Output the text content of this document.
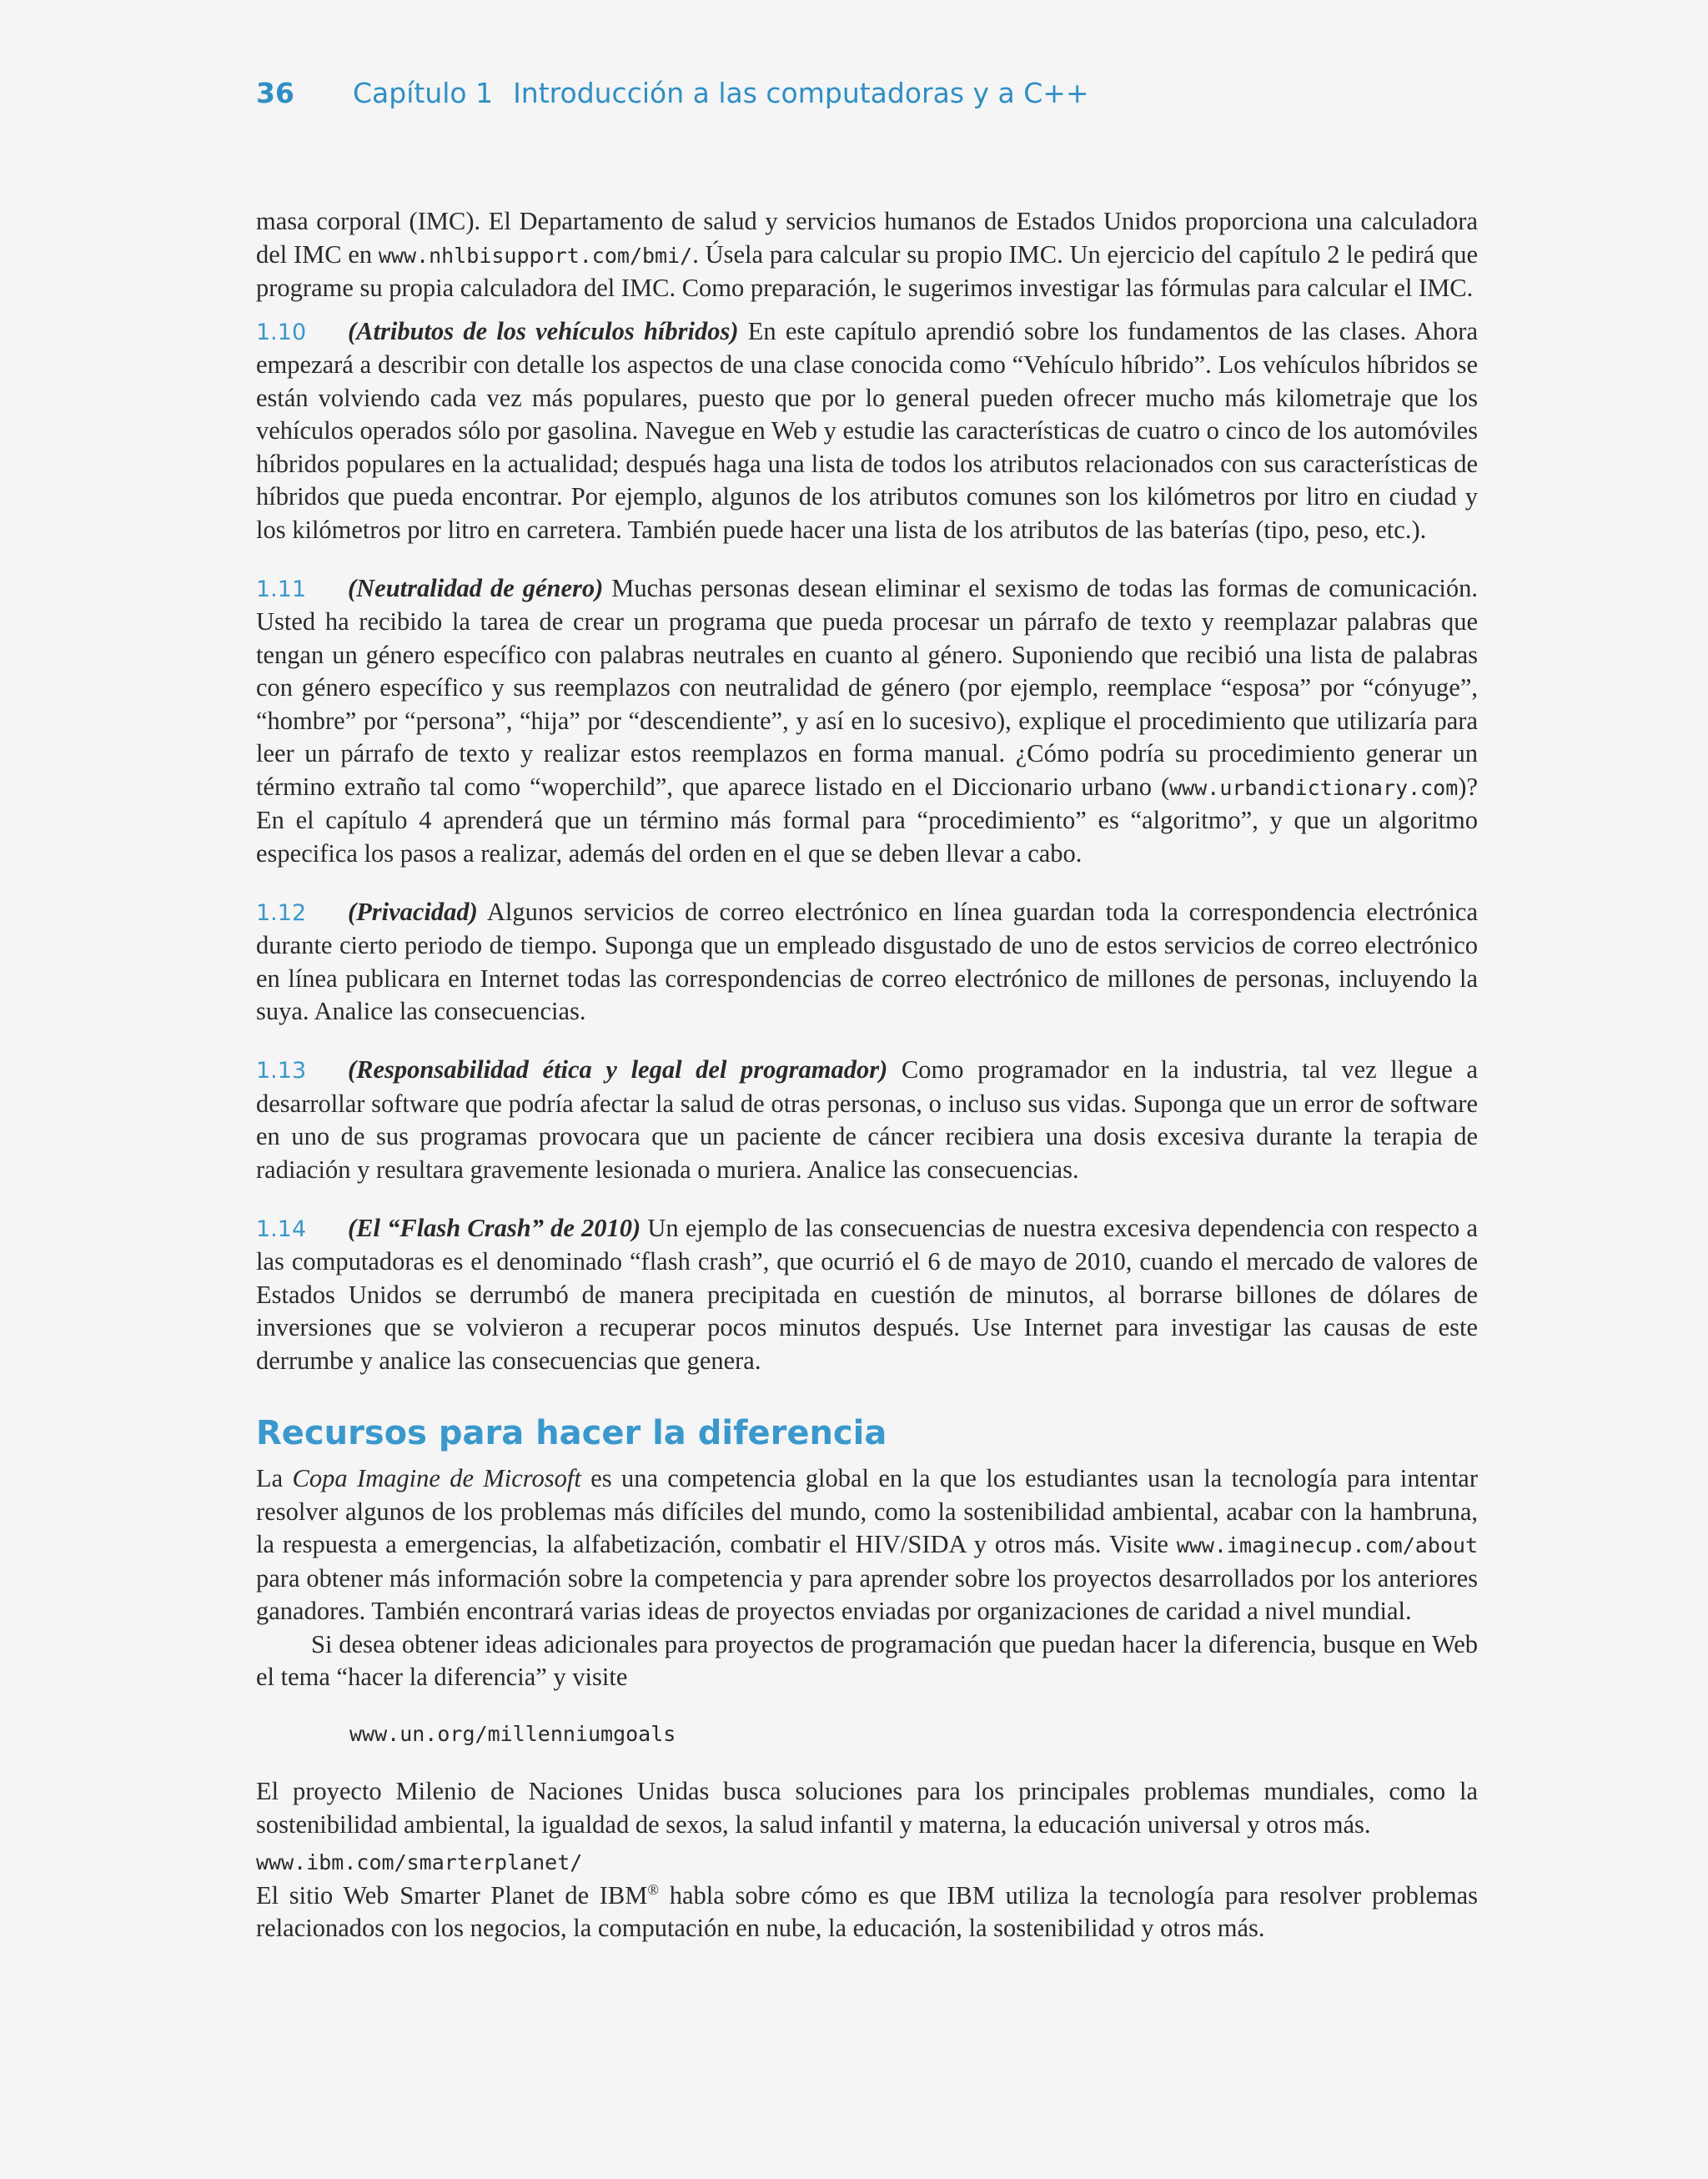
36	Capítulo 1 Introducción a las computadoras y a C++

masa corporal (IMC). El Departamento de salud y servicios humanos de Estados Unidos proporciona una calculadora del IMC en www.nhlbisupport.com/bmi/. Úsela para calcular su propio IMC. Un ejercicio del capítulo 2 le pedirá que programe su propia calculadora del IMC. Como preparación, le sugerimos investigar las fórmulas para calcular el IMC.

1.10 (Atributos de los vehículos híbridos) En este capítulo aprendió sobre los fundamentos de las clases. Ahora empezará a describir con detalle los aspectos de una clase conocida como “Vehículo híbrido”. Los vehículos híbridos se están volviendo cada vez más populares, puesto que por lo general pueden ofrecer mucho más kilometraje que los vehículos operados sólo por gasolina. Navegue en Web y estudie las características de cuatro o cinco de los automóviles híbridos populares en la actualidad; después haga una lista de todos los atributos relacionados con sus características de híbridos que pueda encontrar. Por ejemplo, algunos de los atributos comunes son los kilómetros por litro en ciudad y los kilómetros por litro en carretera. También puede hacer una lista de los atributos de las baterías (tipo, peso, etc.).

1.11 (Neutralidad de género) Muchas personas desean eliminar el sexismo de todas las formas de comunicación. Usted ha recibido la tarea de crear un programa que pueda procesar un párrafo de texto y reemplazar palabras que tengan un género específico con palabras neutrales en cuanto al género. Suponiendo que recibió una lista de palabras con género específico y sus reemplazos con neutralidad de género (por ejemplo, reemplace “esposa” por “cónyuge”, “hombre” por “persona”, “hija” por “descendiente”, y así en lo sucesivo), explique el procedimiento que utilizaría para leer un párrafo de texto y realizar estos reemplazos en forma manual. ¿Cómo podría su procedimiento generar un término extraño tal como “woperchild”, que aparece listado en el Diccionario urbano (www.urbandictionary.com)? En el capítulo 4 aprenderá que un término más formal para “procedimiento” es “algoritmo”, y que un algoritmo especifica los pasos a realizar, además del orden en el que se deben llevar a cabo.

1.12 (Privacidad) Algunos servicios de correo electrónico en línea guardan toda la correspondencia electrónica durante cierto periodo de tiempo. Suponga que un empleado disgustado de uno de estos servicios de correo electrónico en línea publicara en Internet todas las correspondencias de correo electrónico de millones de personas, incluyendo la suya. Analice las consecuencias.

1.13 (Responsabilidad ética y legal del programador) Como programador en la industria, tal vez llegue a desarrollar software que podría afectar la salud de otras personas, o incluso sus vidas. Suponga que un error de software en uno de sus programas provocara que un paciente de cáncer recibiera una dosis excesiva durante la terapia de radiación y resultara gravemente lesionada o muriera. Analice las consecuencias.

1.14 (El “Flash Crash” de 2010) Un ejemplo de las consecuencias de nuestra excesiva dependencia con respecto a las computadoras es el denominado “flash crash”, que ocurrió el 6 de mayo de 2010, cuando el mercado de valores de Estados Unidos se derrumbó de manera precipitada en cuestión de minutos, al borrarse billones de dólares de inversiones que se volvieron a recuperar pocos minutos después. Use Internet para investigar las causas de este derrumbe y analice las consecuencias que genera.

Recursos para hacer la diferencia

La Copa Imagine de Microsoft es una competencia global en la que los estudiantes usan la tecnología para intentar resolver algunos de los problemas más difíciles del mundo, como la sostenibilidad ambiental, acabar con la hambruna, la respuesta a emergencias, la alfabetización, combatir el HIV/SIDA y otros más. Visite www.imaginecup.com/about para obtener más información sobre la competencia y para aprender sobre los proyectos desarrollados por los anteriores ganadores. También encontrará varias ideas de proyectos enviadas por organizaciones de caridad a nivel mundial.

Si desea obtener ideas adicionales para proyectos de programación que puedan hacer la diferencia, busque en Web el tema “hacer la diferencia” y visite

www.un.org/millenniumgoals

El proyecto Milenio de Naciones Unidas busca soluciones para los principales problemas mundiales, como la sostenibilidad ambiental, la igualdad de sexos, la salud infantil y materna, la educación universal y otros más.

www.ibm.com/smarterplanet/

El sitio Web Smarter Planet de IBM® habla sobre cómo es que IBM utiliza la tecnología para resolver problemas relacionados con los negocios, la computación en nube, la educación, la sostenibilidad y otros más.
